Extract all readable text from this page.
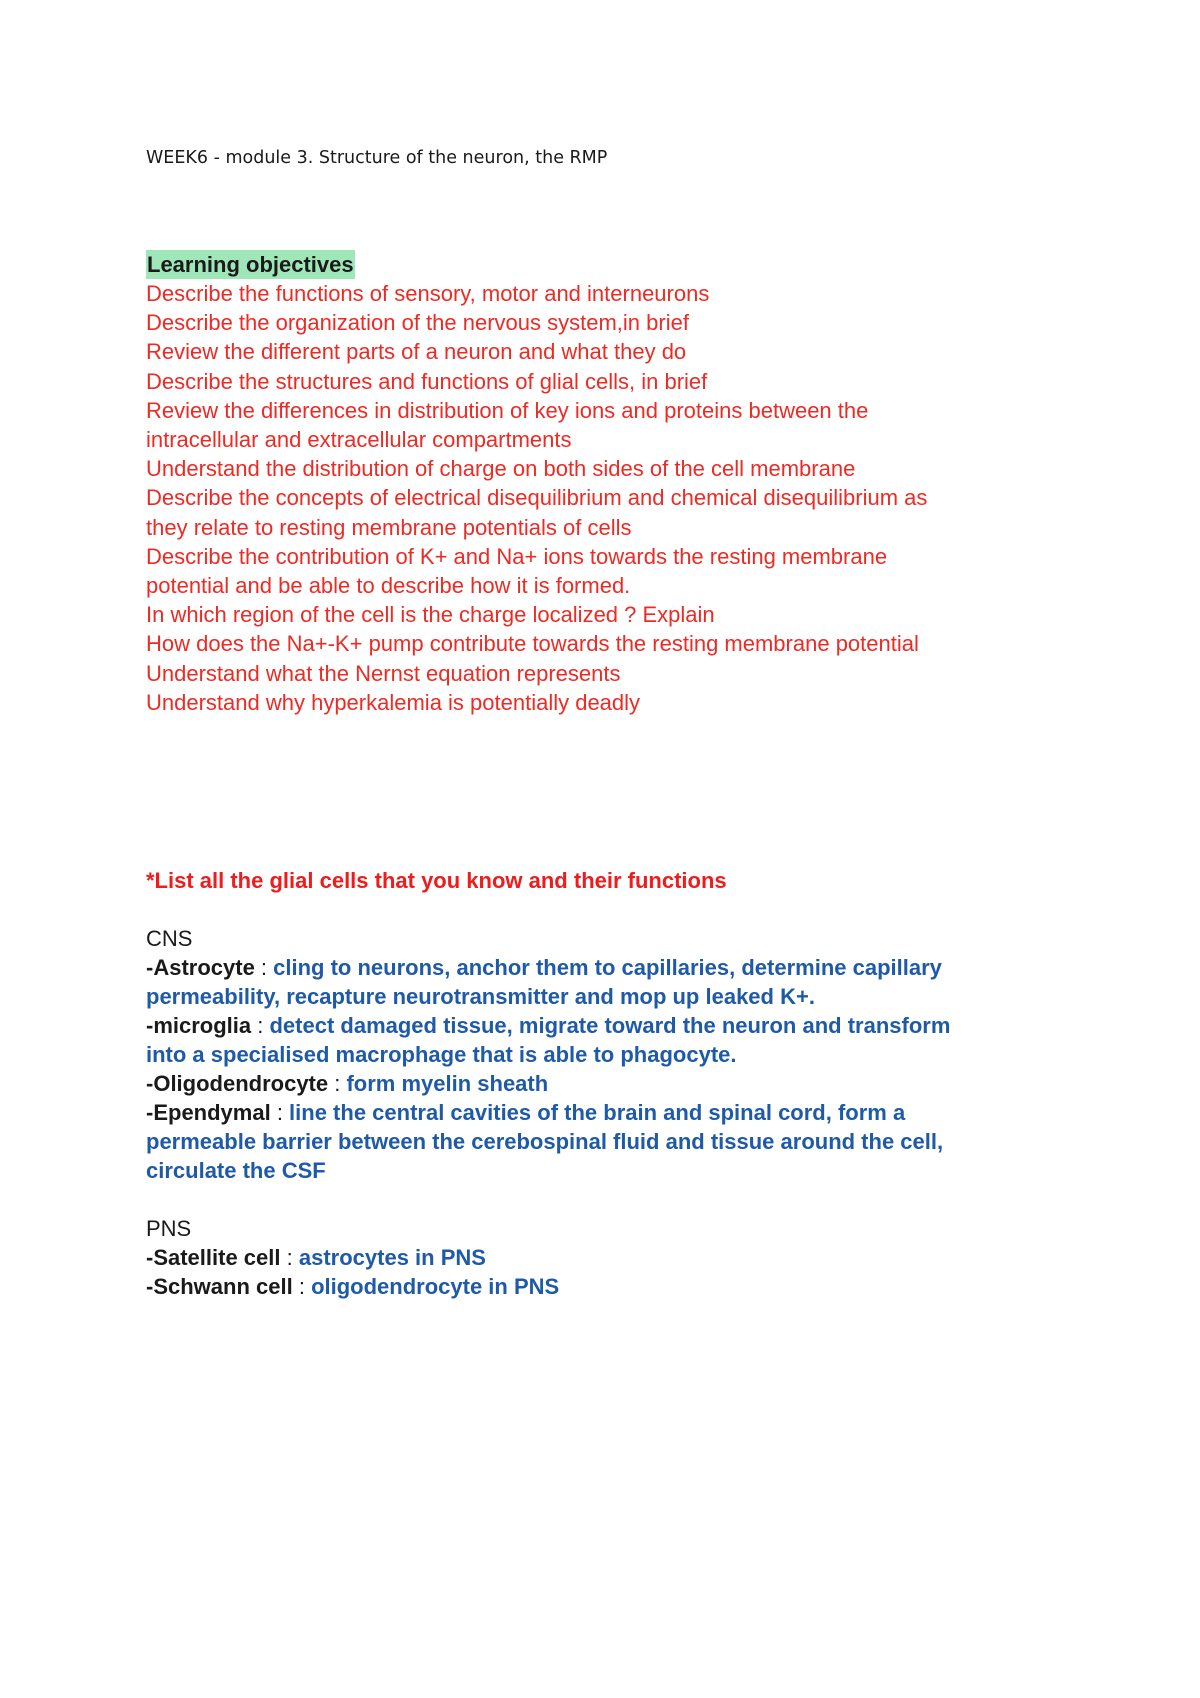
WEEK6 - module 3. Structure of the neuron, the RMP
Learning objectives
Describe the functions of sensory, motor and interneurons
Describe the organization of the nervous system,in brief
Review the different parts of a neuron and what they do
Describe the structures and functions of glial cells, in brief
Review the differences in distribution of key ions and proteins between the
intracellular and extracellular compartments
Understand the distribution of charge on both sides of the cell membrane
Describe the concepts of electrical disequilibrium and chemical disequilibrium as
they relate to resting membrane potentials of cells
Describe the contribution of K+ and Na+ ions towards the resting membrane
potential and be able to describe how it is formed.
In which region of the cell is the charge localized ? Explain
How does the Na+-K+ pump contribute towards the resting membrane potential
Understand what the Nernst equation represents
Understand why hyperkalemia is potentially deadly

*List all the glial cells that you know and their functions

CNS

-Astrocyte : cling to neurons, anchor them to capillaries, determine capillary

permeability, recapture neurotransmitter and mop up leaked K+.

-microglia : detect damaged tissue, migrate toward the neuron and transform

into a specialised macrophage that is able to phagocyte.

-Oligodendrocyte : form myelin sheath

-Ependymal : line the central cavities of the brain and spinal cord, form a

permeable barrier between the cerebospinal fluid and tissue around the cell,

circulate the CSF

PNS

-Satellite cell : astrocytes in PNS

-Schwann cell : oligodendrocyte in PNS
